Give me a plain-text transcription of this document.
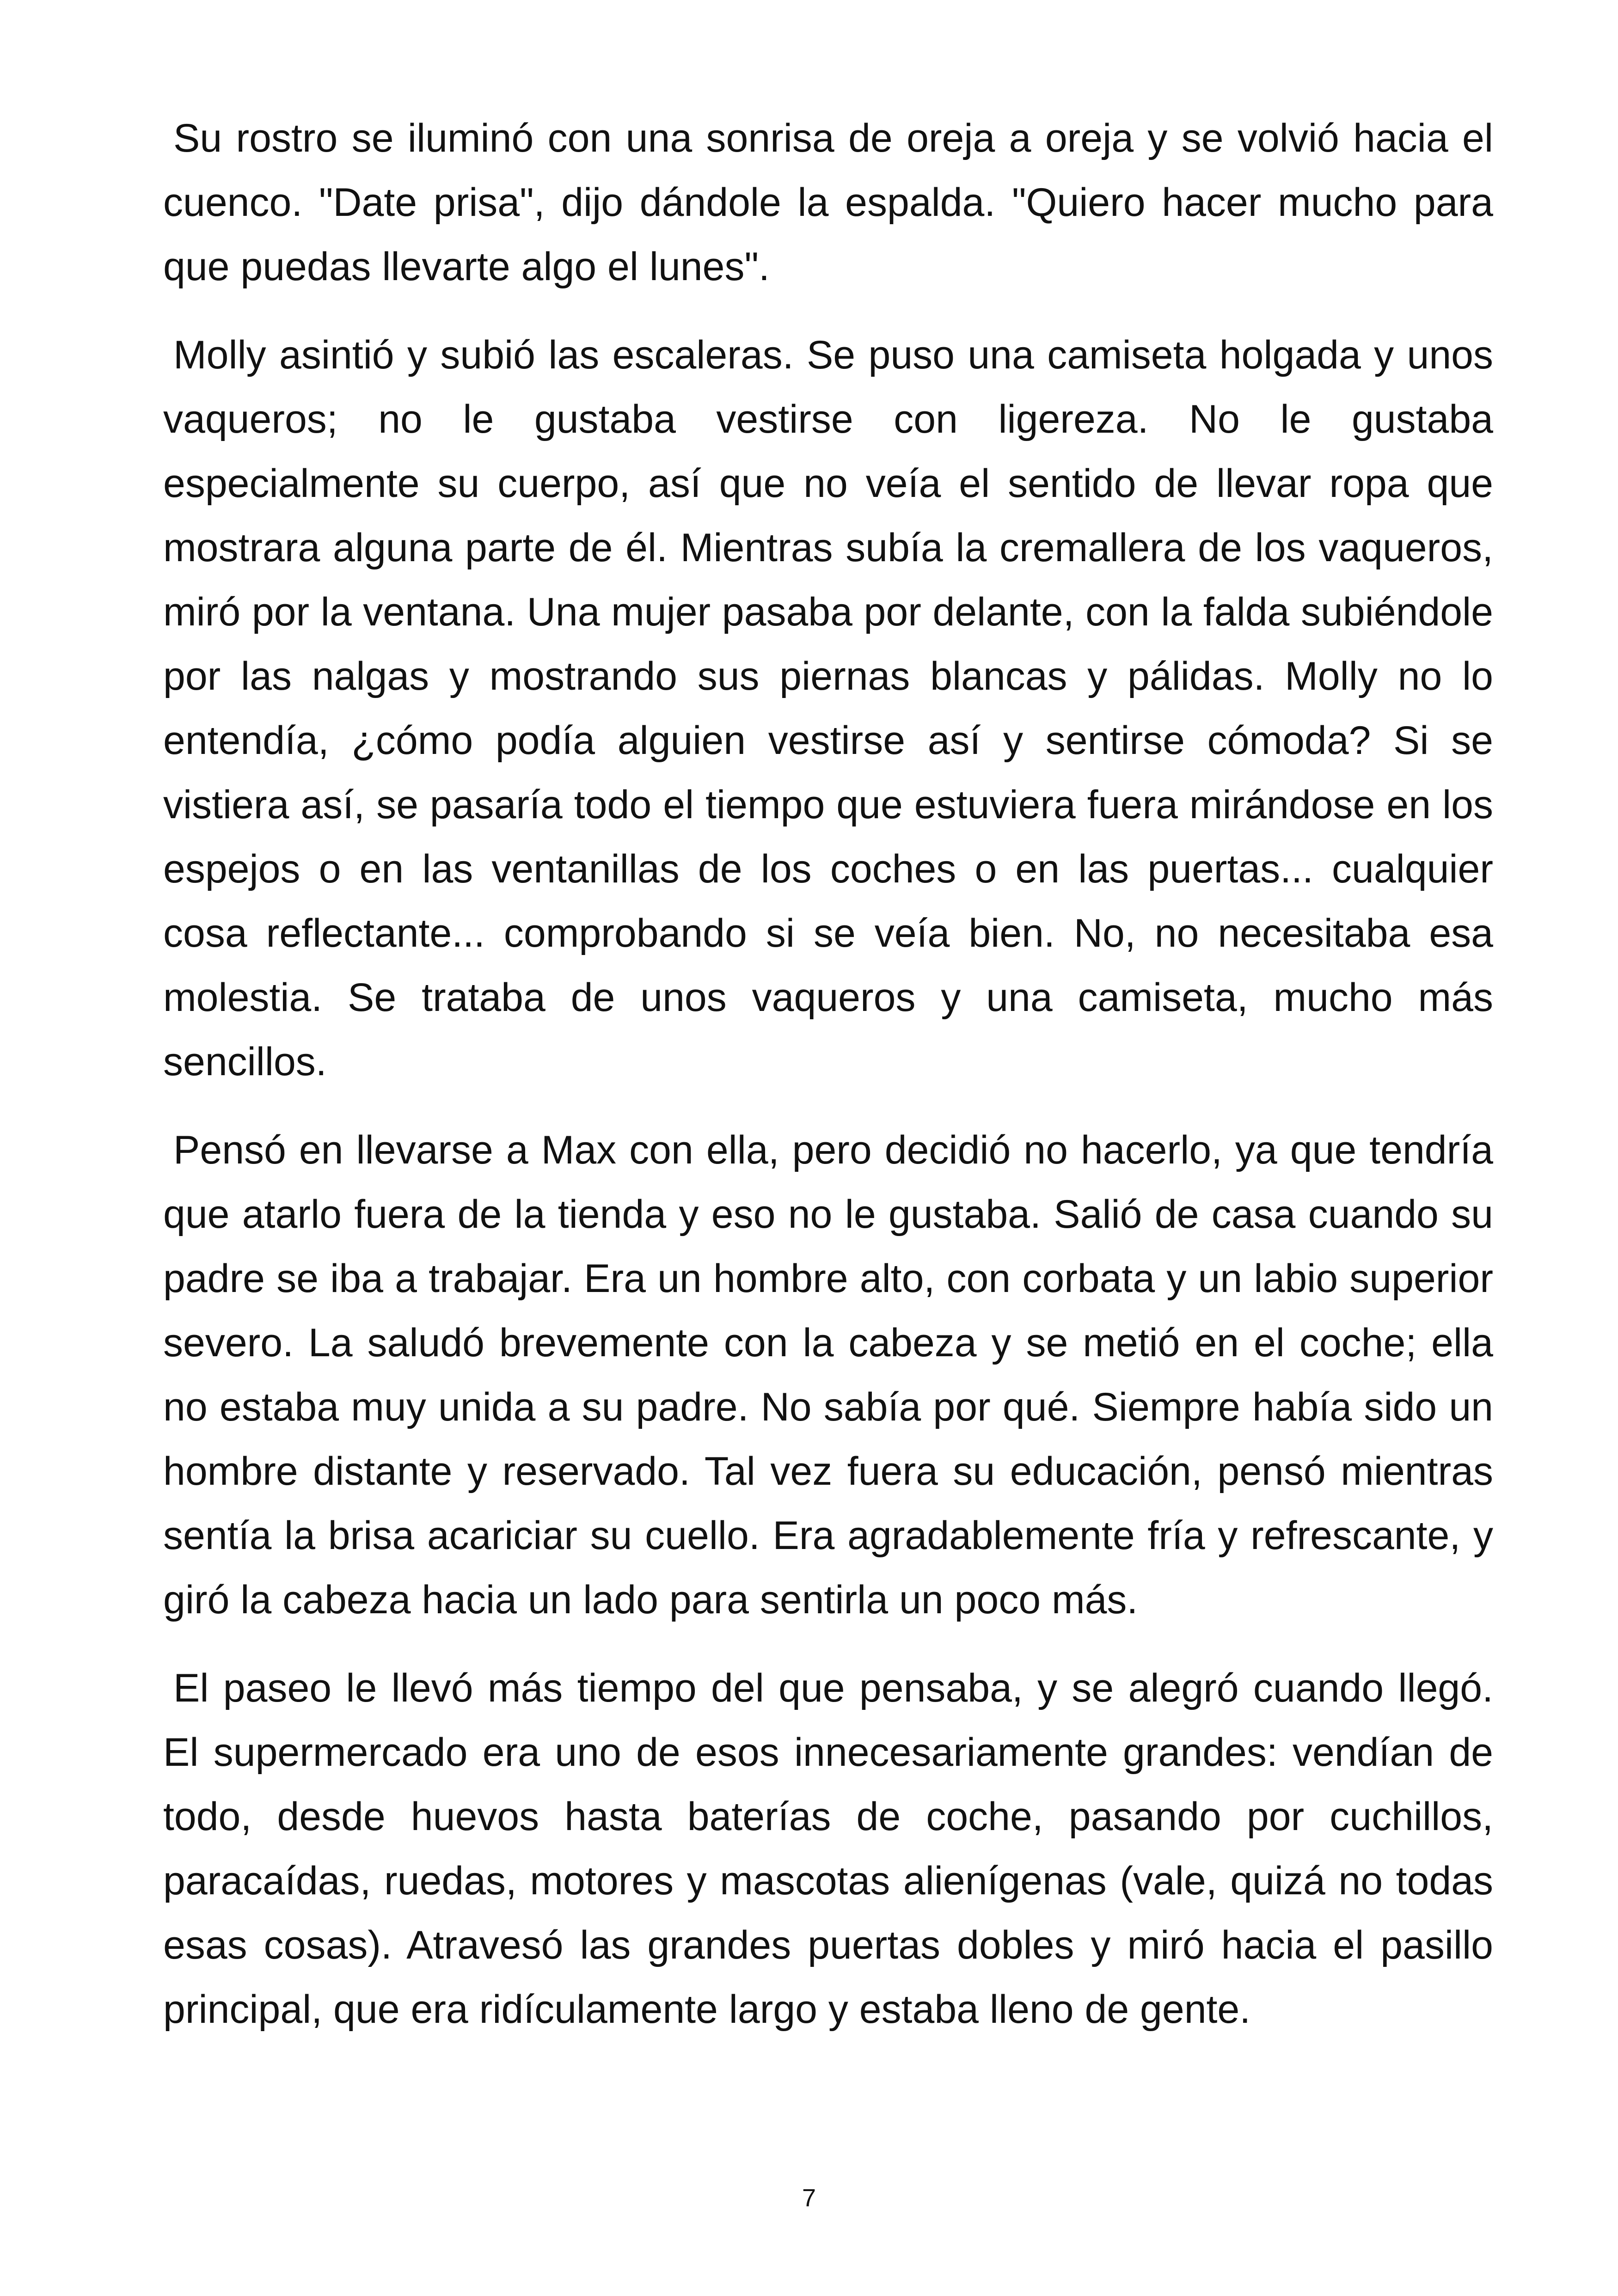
Su rostro se iluminó con una sonrisa de oreja a oreja y se volvió hacia el cuenco. "Date prisa", dijo dándole la espalda. "Quiero hacer mucho para que puedas llevarte algo el lunes".

Molly asintió y subió las escaleras. Se puso una camiseta holgada y unos vaqueros; no le gustaba vestirse con ligereza. No le gustaba especialmente su cuerpo, así que no veía el sentido de llevar ropa que mostrara alguna parte de él. Mientras subía la cremallera de los vaqueros, miró por la ventana. Una mujer pasaba por delante, con la falda subiéndole por las nalgas y mostrando sus piernas blancas y pálidas. Molly no lo entendía, ¿cómo podía alguien vestirse así y sentirse cómoda? Si se vistiera así, se pasaría todo el tiempo que estuviera fuera mirándose en los espejos o en las ventanillas de los coches o en las puertas... cualquier cosa reflectante... comprobando si se veía bien. No, no necesitaba esa molestia. Se trataba de unos vaqueros y una camiseta, mucho más sencillos.

Pensó en llevarse a Max con ella, pero decidió no hacerlo, ya que tendría que atarlo fuera de la tienda y eso no le gustaba. Salió de casa cuando su padre se iba a trabajar. Era un hombre alto, con corbata y un labio superior severo. La saludó brevemente con la cabeza y se metió en el coche; ella no estaba muy unida a su padre. No sabía por qué. Siempre había sido un hombre distante y reservado. Tal vez fuera su educación, pensó mientras sentía la brisa acariciar su cuello. Era agradablemente fría y refrescante, y giró la cabeza hacia un lado para sentirla un poco más.

El paseo le llevó más tiempo del que pensaba, y se alegró cuando llegó. El supermercado era uno de esos innecesariamente grandes: vendían de todo, desde huevos hasta baterías de coche, pasando por cuchillos, paracaídas, ruedas, motores y mascotas alienígenas (vale, quizá no todas esas cosas). Atravesó las grandes puertas dobles y miró hacia el pasillo principal, que era ridículamente largo y estaba lleno de gente.

7
